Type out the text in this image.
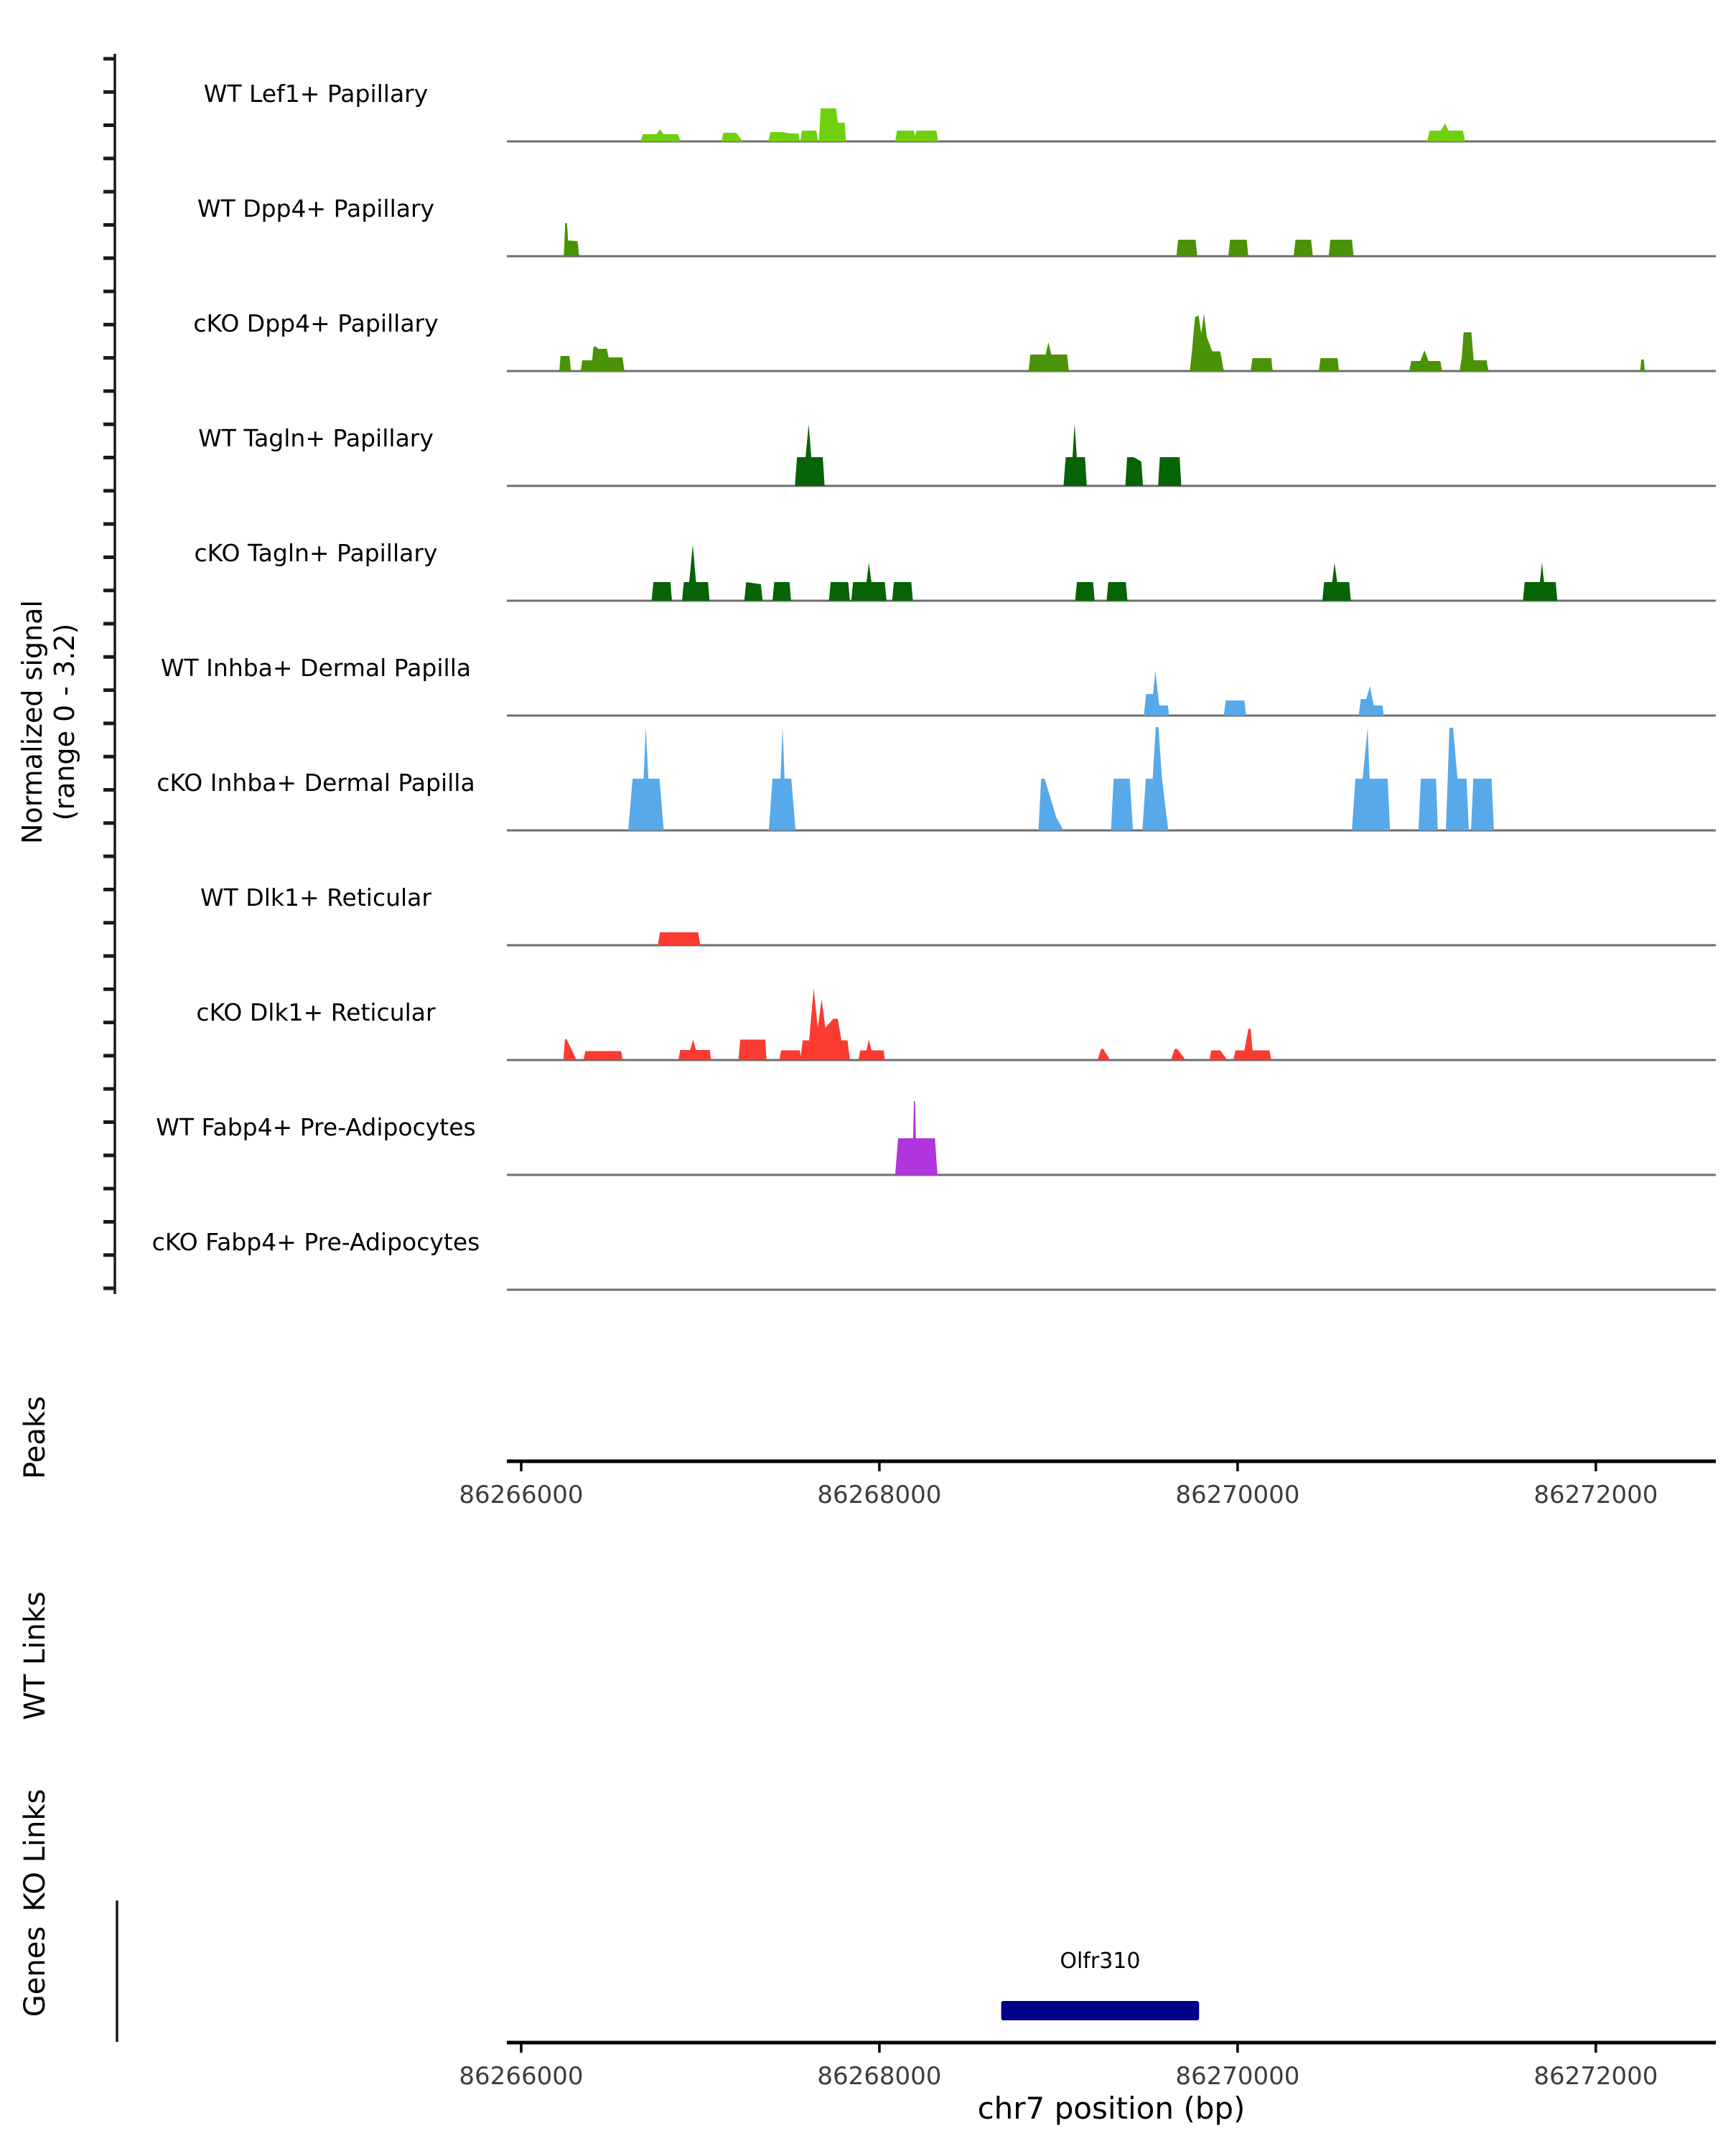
Normalized signal (range 0 - 3.2)
WT Lef1+ Papillary
WT Dpp4+ Papillary
cKO Dpp4+ Papillary
WT Tagln+ Papillary
cKO Tagln+ Papillary
WT Inhba+ Dermal Papilla
cKO Inhba+ Dermal Papilla
WT Dlk1+ Reticular
cKO Dlk1+ Reticular
WT Fabp4+ Pre-Adipocytes
cKO Fabp4+ Pre-Adipocytes
Peaks
WT Links
KO Links
Genes
86266000	86268000	86270000	86272000
86266000	86268000	86270000	86272000
Olfr310
chr7 position (bp)
